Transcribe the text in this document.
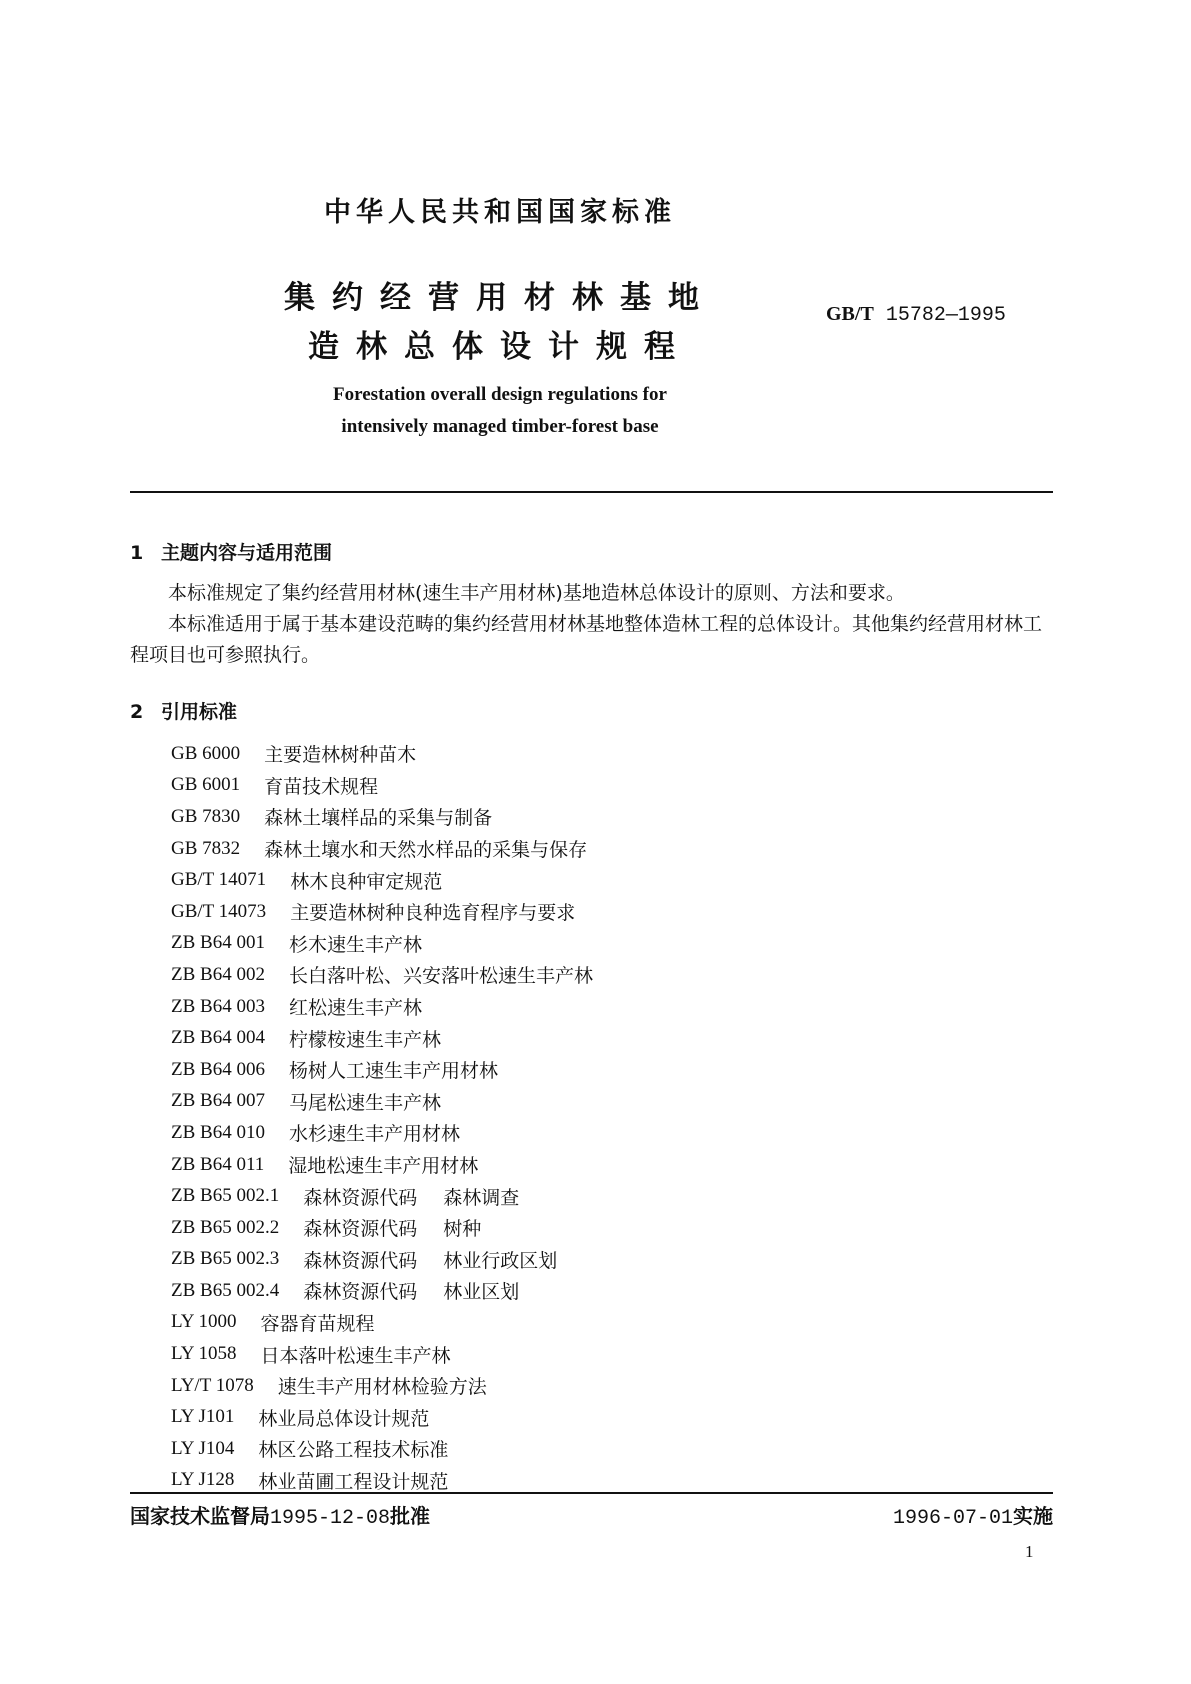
中华人民共和国国家标准
集约经营用材林基地
造林总体设计规程
GB/T 15782—1995
Forestation overall design regulations for
intensively managed timber-forest base
1 主题内容与适用范围
本标准规定了集约经营用材林(速生丰产用材林)基地造林总体设计的原则、方法和要求。
本标准适用于属于基本建设范畴的集约经营用材林基地整体造林工程的总体设计。其他集约经营用材林工程项目也可参照执行。
2 引用标准
GB 6000 主要造林树种苗木
GB 6001 育苗技术规程
GB 7830 森林土壤样品的采集与制备
GB 7832 森林土壤水和天然水样品的采集与保存
GB/T 14071 林木良种审定规范
GB/T 14073 主要造林树种良种选育程序与要求
ZB B64 001 杉木速生丰产林
ZB B64 002 长白落叶松、兴安落叶松速生丰产林
ZB B64 003 红松速生丰产林
ZB B64 004 柠檬桉速生丰产林
ZB B64 006 杨树人工速生丰产用材林
ZB B64 007 马尾松速生丰产林
ZB B64 010 水杉速生丰产用材林
ZB B64 011 湿地松速生丰产用材林
ZB B65 002.1 森林资源代码 森林调查
ZB B65 002.2 森林资源代码 树种
ZB B65 002.3 森林资源代码 林业行政区划
ZB B65 002.4 森林资源代码 林业区划
LY 1000 容器育苗规程
LY 1058 日本落叶松速生丰产林
LY/T 1078 速生丰产用材林检验方法
LY J101 林业局总体设计规范
LY J104 林区公路工程技术标准
LY J128 林业苗圃工程设计规范
国家技术监督局1995-12-08批准	1996-07-01实施
1
